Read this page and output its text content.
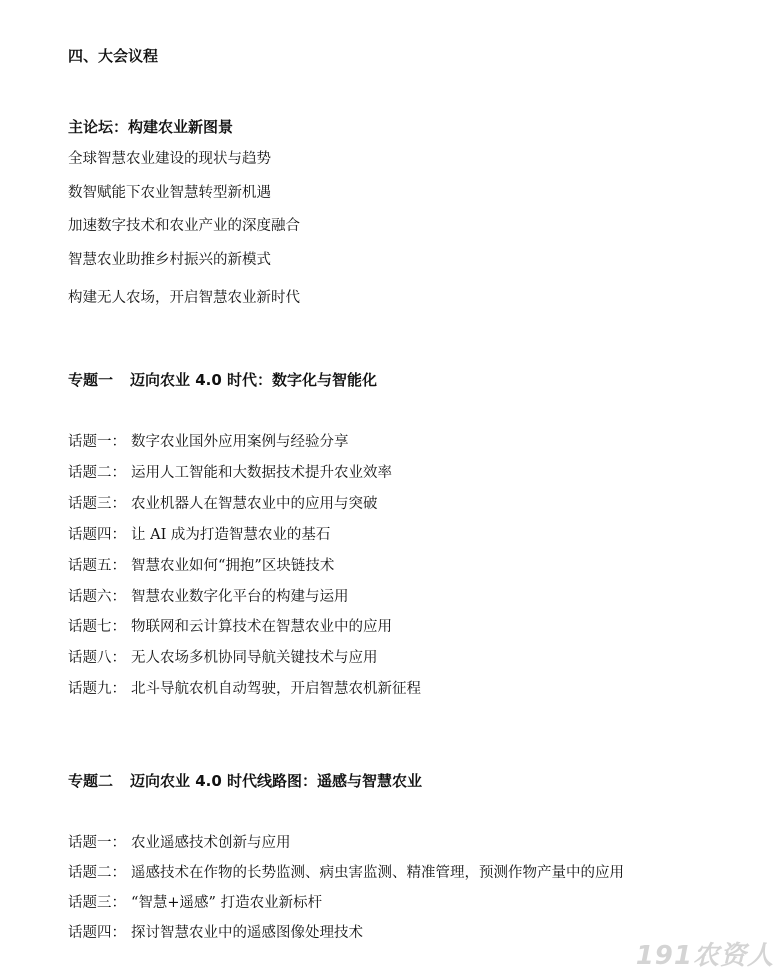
四、大会议程
主论坛：构建农业新图景
全球智慧农业建设的现状与趋势
数智赋能下农业智慧转型新机遇
加速数字技术和农业产业的深度融合
智慧农业助推乡村振兴的新模式
构建无人农场，开启智慧农业新时代
专题一 迈向农业 4.0 时代：数字化与智能化
话题一： 数字农业国外应用案例与经验分享
话题二： 运用人工智能和大数据技术提升农业效率
话题三： 农业机器人在智慧农业中的应用与突破
话题四： 让 AI 成为打造智慧农业的基石
话题五： 智慧农业如何“拥抱”区块链技术
话题六： 智慧农业数字化平台的构建与运用
话题七： 物联网和云计算技术在智慧农业中的应用
话题八： 无人农场多机协同导航关键技术与应用
话题九： 北斗导航农机自动驾驶，开启智慧农机新征程
专题二 迈向农业 4.0 时代线路图：遥感与智慧农业
话题一： 农业遥感技术创新与应用
话题二： 遥感技术在作物的长势监测、病虫害监测、精准管理，预测作物产量中的应用
话题三： “智慧+遥感” 打造农业新标杆
话题四： 探讨智慧农业中的遥感图像处理技术
191农资人
